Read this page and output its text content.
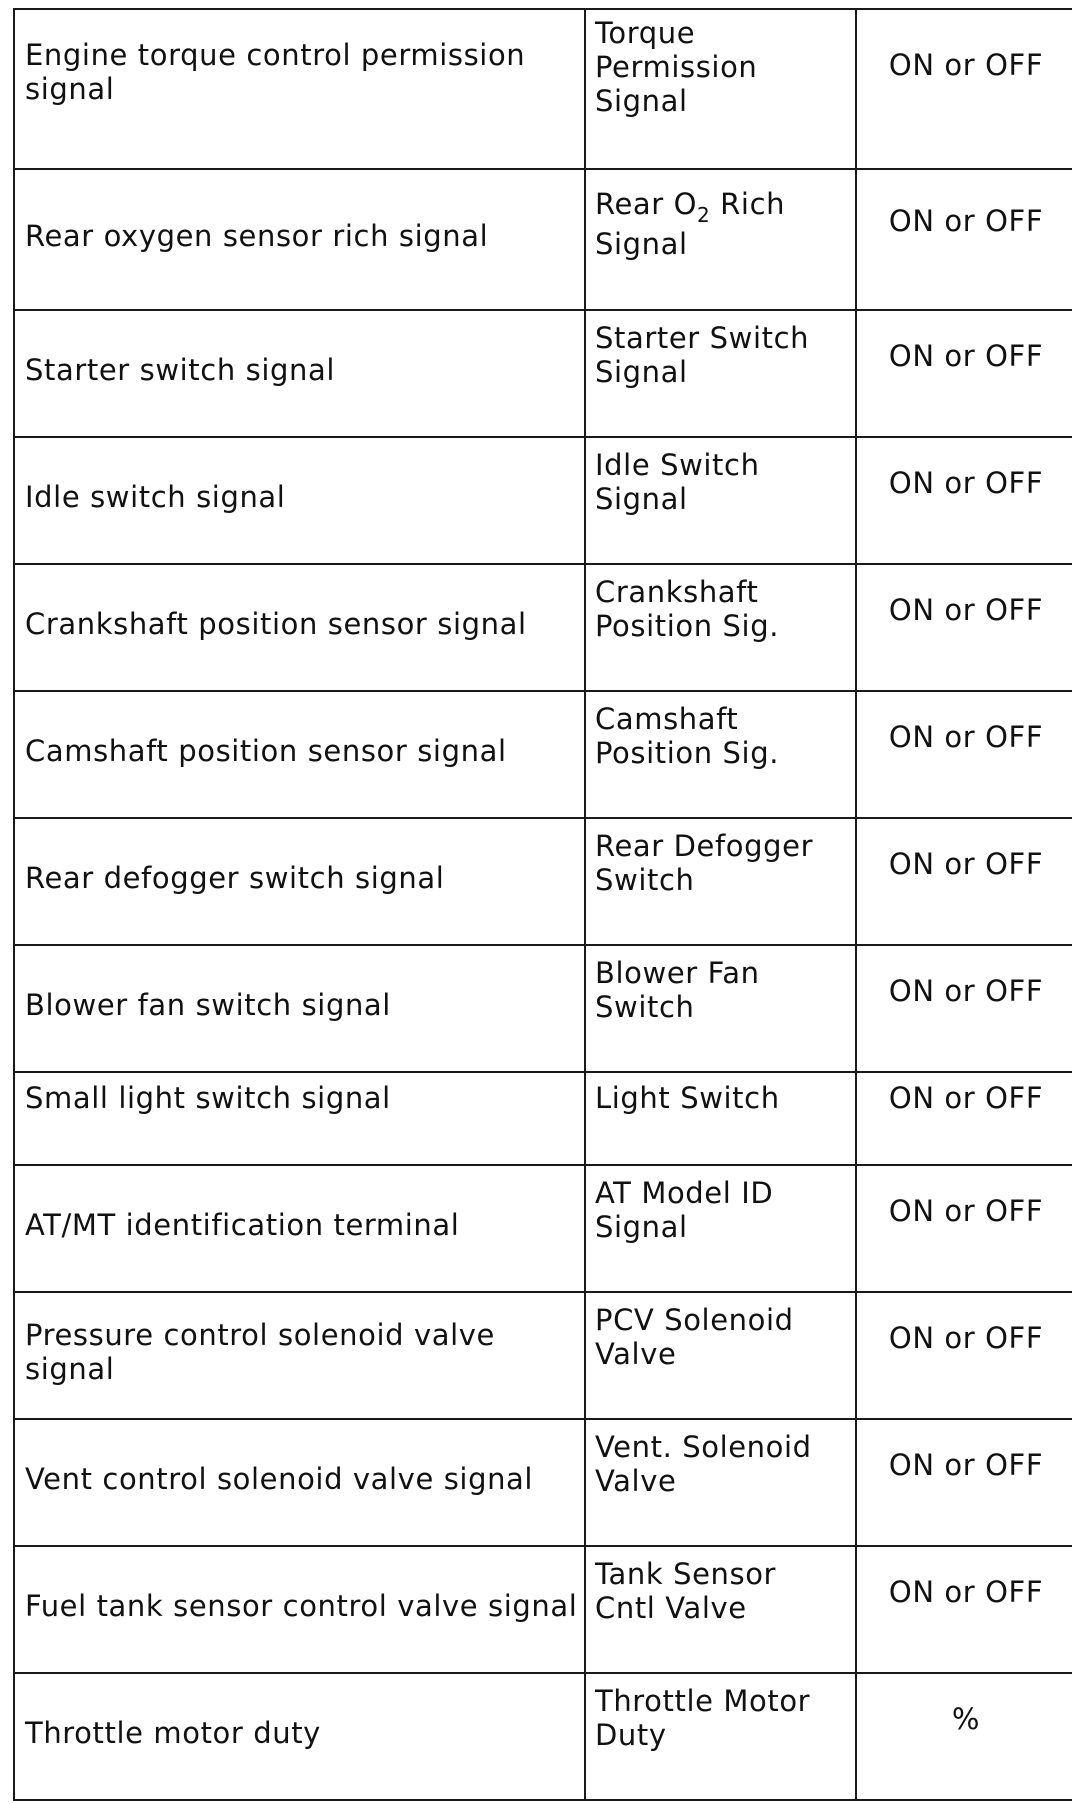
Engine torque control permission signal	Torque
Permission
Signal	ON or OFF

Rear oxygen sensor rich signal	Rear $O_2$ Rich
Signal	ON or OFF

Starter switch signal	Starter Switch
Signal	ON or OFF

Idle switch signal	Idle Switch
Signal	ON or OFF

Crankshaft position sensor signal	Crankshaft
Position Sig.	ON or OFF

Camshaft position sensor signal	Camshaft
Position Sig.	ON or OFF

Rear defogger switch signal	Rear Defogger
Switch	ON or OFF

Blower fan switch signal	Blower Fan
Switch	ON or OFF
Small light switch signal	Light Switch	ON or OFF

AT/MT identification terminal	AT Model ID
Signal	ON or OFF

Pressure control solenoid valve signal	PCV Solenoid
Valve	ON or OFF

Vent control solenoid valve signal	Vent. Solenoid
Valve	ON or OFF

Fuel tank sensor control valve signal	Tank Sensor
Cntl Valve	ON or OFF

Throttle motor duty	Throttle Motor
Duty	%
